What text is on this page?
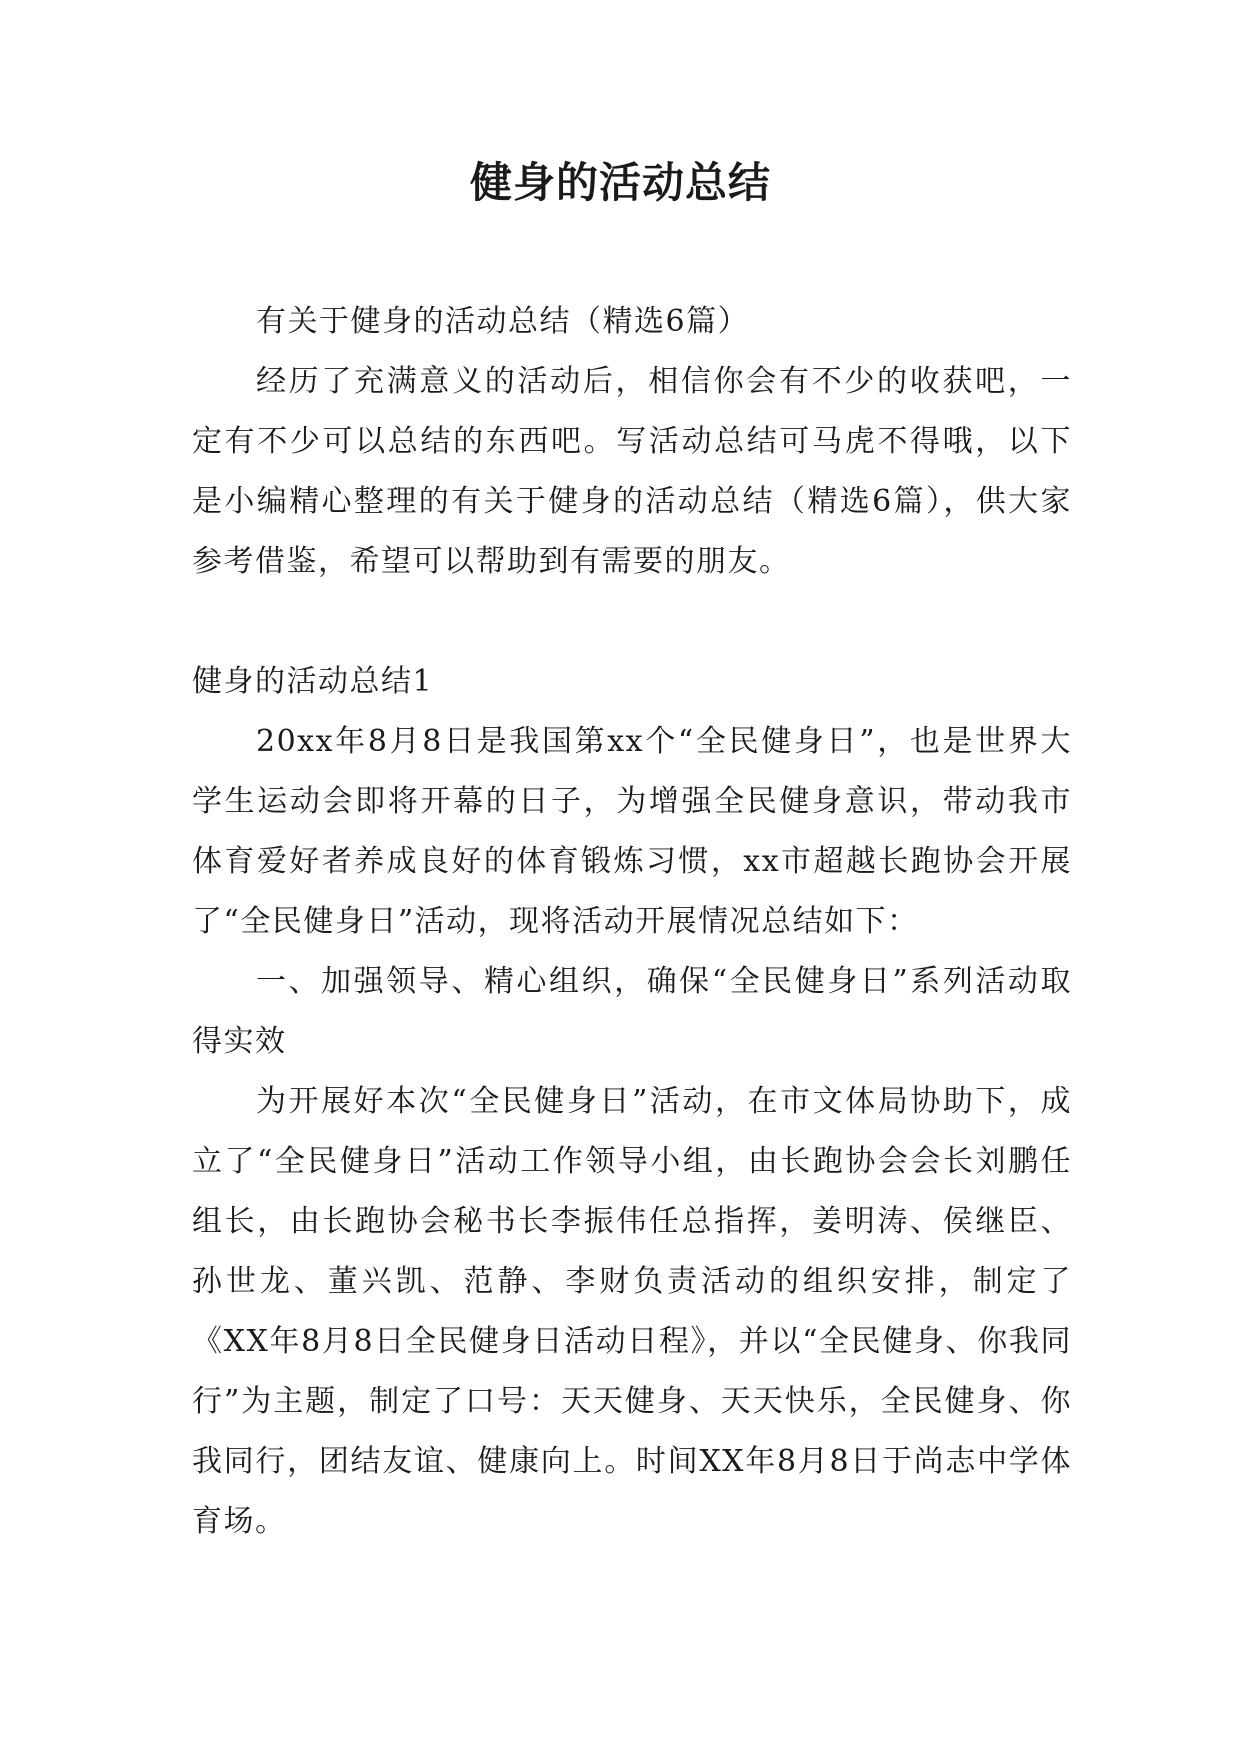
健身的活动总结

有关于健身的活动总结（精选6篇）

经历了充满意义的活动后，相信你会有不少的收获吧，一定有不少可以总结的东西吧。写活动总结可马虎不得哦，以下是小编精心整理的有关于健身的活动总结（精选6篇），供大家参考借鉴，希望可以帮助到有需要的朋友。

健身的活动总结1

20xx年8月8日是我国第xx个“全民健身日”，也是世界大学生运动会即将开幕的日子，为增强全民健身意识，带动我市体育爱好者养成良好的体育锻炼习惯，xx市超越长跑协会开展了“全民健身日”活动，现将活动开展情况总结如下：

一、加强领导、精心组织，确保“全民健身日”系列活动取得实效

为开展好本次“全民健身日”活动，在市文体局协助下，成立了“全民健身日”活动工作领导小组，由长跑协会会长刘鹏任组长，由长跑协会秘书长李振伟任总指挥，姜明涛、侯继臣、孙世龙、董兴凯、范静、李财负责活动的组织安排，制定了《XX年8月8日全民健身日活动日程》，并以“全民健身、你我同行”为主题，制定了口号：天天健身、天天快乐，全民健身、你我同行，团结友谊、健康向上。时间XX年8月8日于尚志中学体育场。
